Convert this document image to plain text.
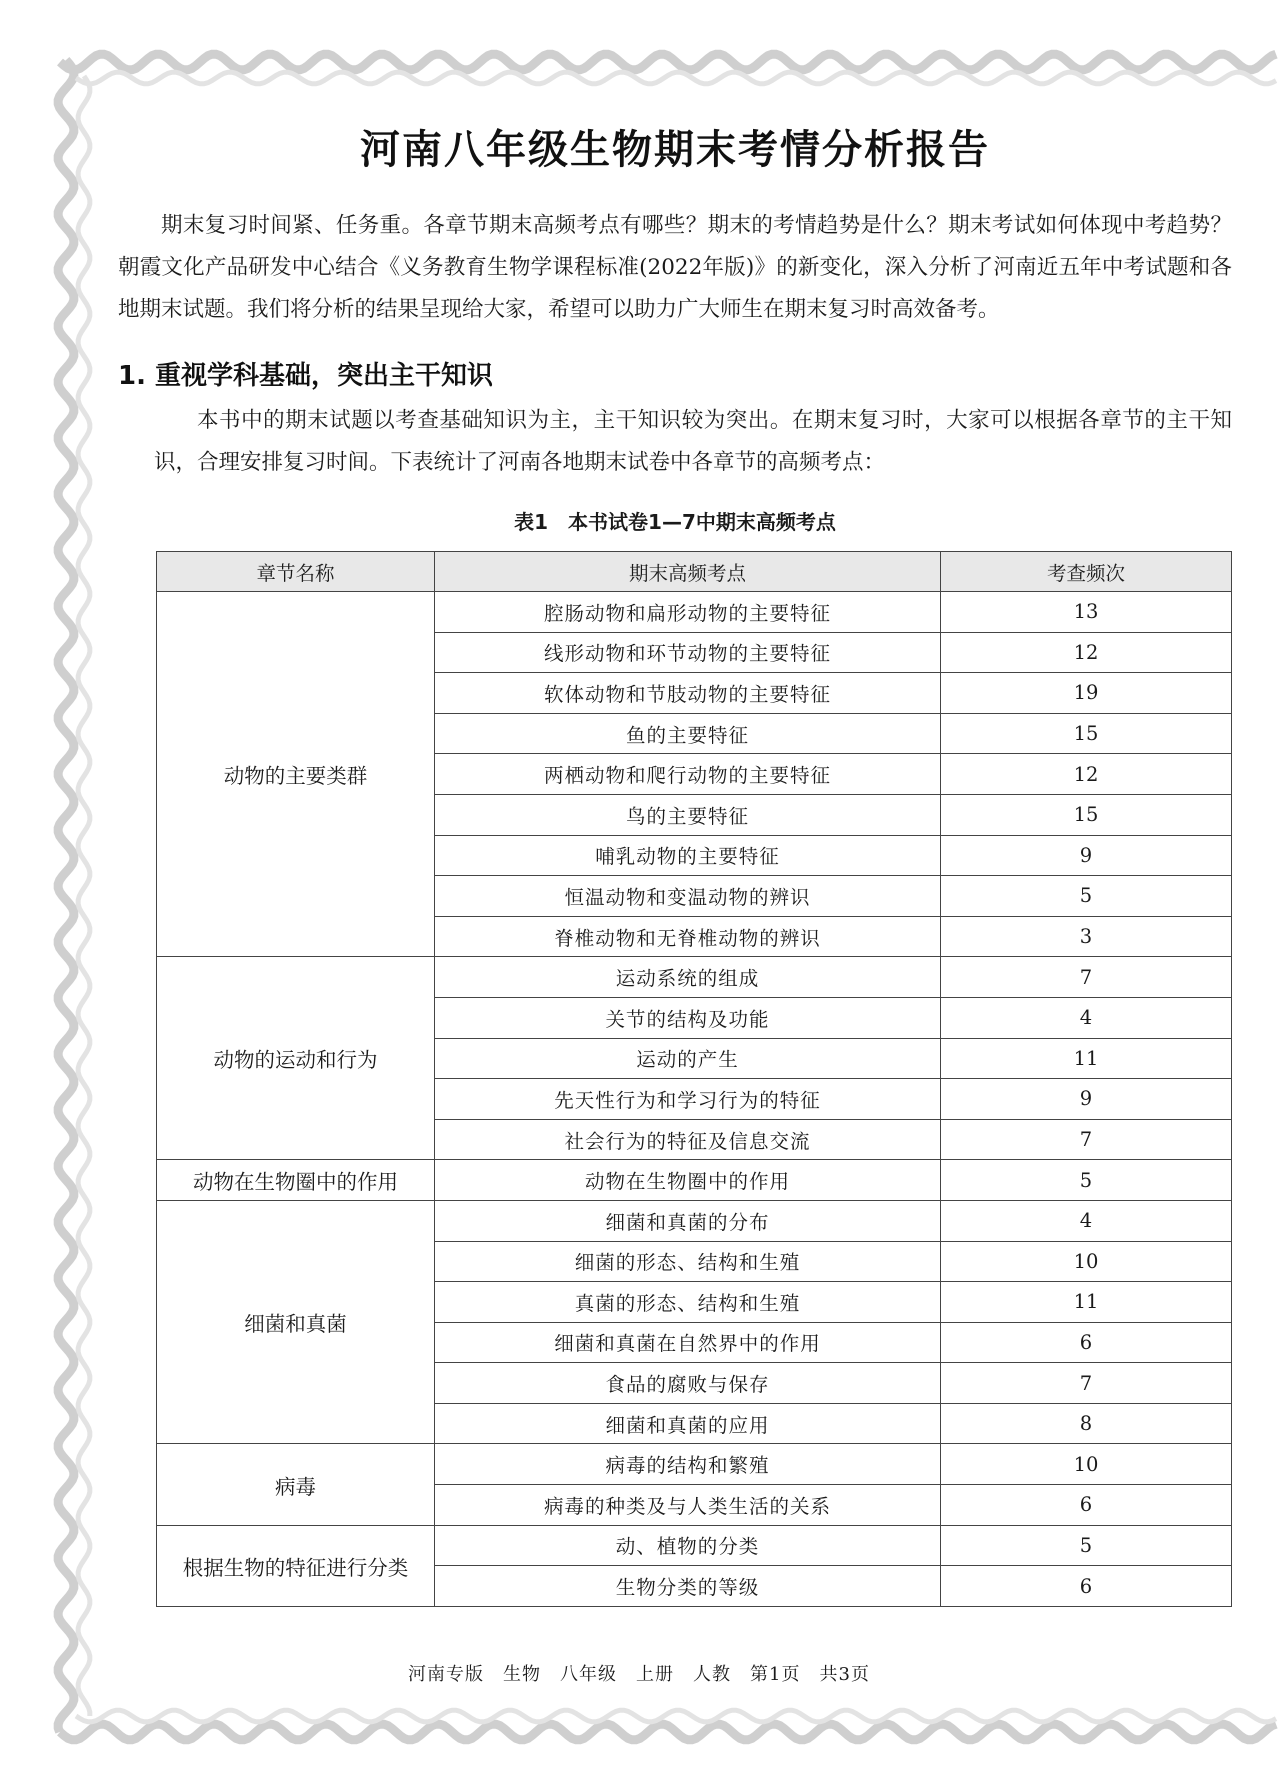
河南八年级生物期末考情分析报告

期末复习时间紧、任务重。各章节期末高频考点有哪些？期末的考情趋势是什么？期末考试如何体现中考趋势？朝霞文化产品研发中心结合《义务教育生物学课程标准(2022年版)》的新变化，深入分析了河南近五年中考试题和各地期末试题。我们将分析的结果呈现给大家，希望可以助力广大师生在期末复习时高效备考。

1. 重视学科基础，突出主干知识

本书中的期末试题以考查基础知识为主，主干知识较为突出。在期末复习时，大家可以根据各章节的主干知识，合理安排复习时间。下表统计了河南各地期末试卷中各章节的高频考点：

表1　本书试卷1—7中期末高频考点
章节名称	期末高频考点	考查频次
动物的主要类群	腔肠动物和扁形动物的主要特征	13
	线形动物和环节动物的主要特征	12
	软体动物和节肢动物的主要特征	19
	鱼的主要特征	15
	两栖动物和爬行动物的主要特征	12
	鸟的主要特征	15
	哺乳动物的主要特征	9
	恒温动物和变温动物的辨识	5
	脊椎动物和无脊椎动物的辨识	3
动物的运动和行为	运动系统的组成	7
	关节的结构及功能	4
	运动的产生	11
	先天性行为和学习行为的特征	9
	社会行为的特征及信息交流	7
动物在生物圈中的作用	动物在生物圈中的作用	5
细菌和真菌	细菌和真菌的分布	4
	细菌的形态、结构和生殖	10
	真菌的形态、结构和生殖	11
	细菌和真菌在自然界中的作用	6
	食品的腐败与保存	7
	细菌和真菌的应用	8
病毒	病毒的结构和繁殖	10
	病毒的种类及与人类生活的关系	6
根据生物的特征进行分类	动、植物的分类	5
	生物分类的等级	6
河南专版　生物　八年级　上册　人教　第1页　共3页
